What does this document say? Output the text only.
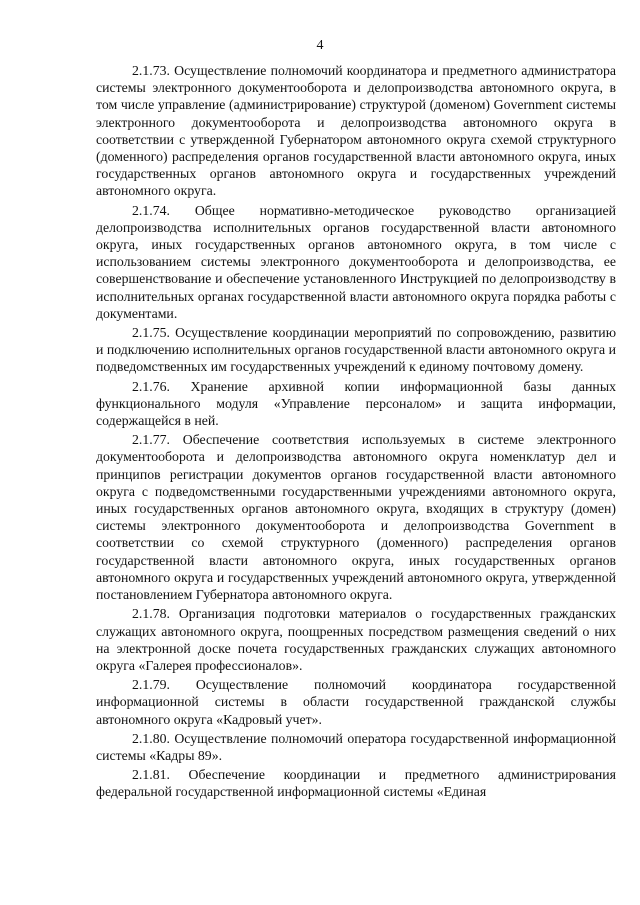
4

2.1.73. Осуществление полномочий координатора и предметного администратора системы электронного документооборота и делопроизводства автономного округа, в том числе управление (администрирование) структурой (доменом) Government системы электронного документооборота и делопроизводства автономного округа в соответствии с утвержденной Губернатором автономного округа схемой структурного (доменного) распределения органов государственной власти автономного округа, иных государственных органов автономного округа и государственных учреждений автономного округа.

2.1.74. Общее нормативно-методическое руководство организацией делопроизводства исполнительных органов государственной власти автономного округа, иных государственных органов автономного округа, в том числе с использованием системы электронного документооборота и делопроизводства, ее совершенствование и обеспечение установленного Инструкцией по делопроизводству в исполнительных органах государственной власти автономного округа порядка работы с документами.

2.1.75. Осуществление координации мероприятий по сопровождению, развитию и подключению исполнительных органов государственной власти автономного округа и подведомственных им государственных учреждений к единому почтовому домену.

2.1.76. Хранение архивной копии информационной базы данных функционального модуля «Управление персоналом» и защита информации, содержащейся в ней.

2.1.77. Обеспечение соответствия используемых в системе электронного документооборота и делопроизводства автономного округа номенклатур дел и принципов регистрации документов органов государственной власти автономного округа с подведомственными государственными учреждениями автономного округа, иных государственных органов автономного округа, входящих в структуру (домен) системы электронного документооборота и делопроизводства Government в соответствии со схемой структурного (доменного) распределения органов государственной власти автономного округа, иных государственных органов автономного округа и государственных учреждений автономного округа, утвержденной постановлением Губернатора автономного округа.

2.1.78. Организация подготовки материалов о государственных гражданских служащих автономного округа, поощренных посредством размещения сведений о них на электронной доске почета государственных гражданских служащих автономного округа «Галерея профессионалов».

2.1.79. Осуществление полномочий координатора государственной информационной системы в области государственной гражданской службы автономного округа «Кадровый учет».

2.1.80. Осуществление полномочий оператора государственной информационной системы «Кадры 89».

2.1.81. Обеспечение координации и предметного администрирования федеральной государственной информационной системы «Единая
